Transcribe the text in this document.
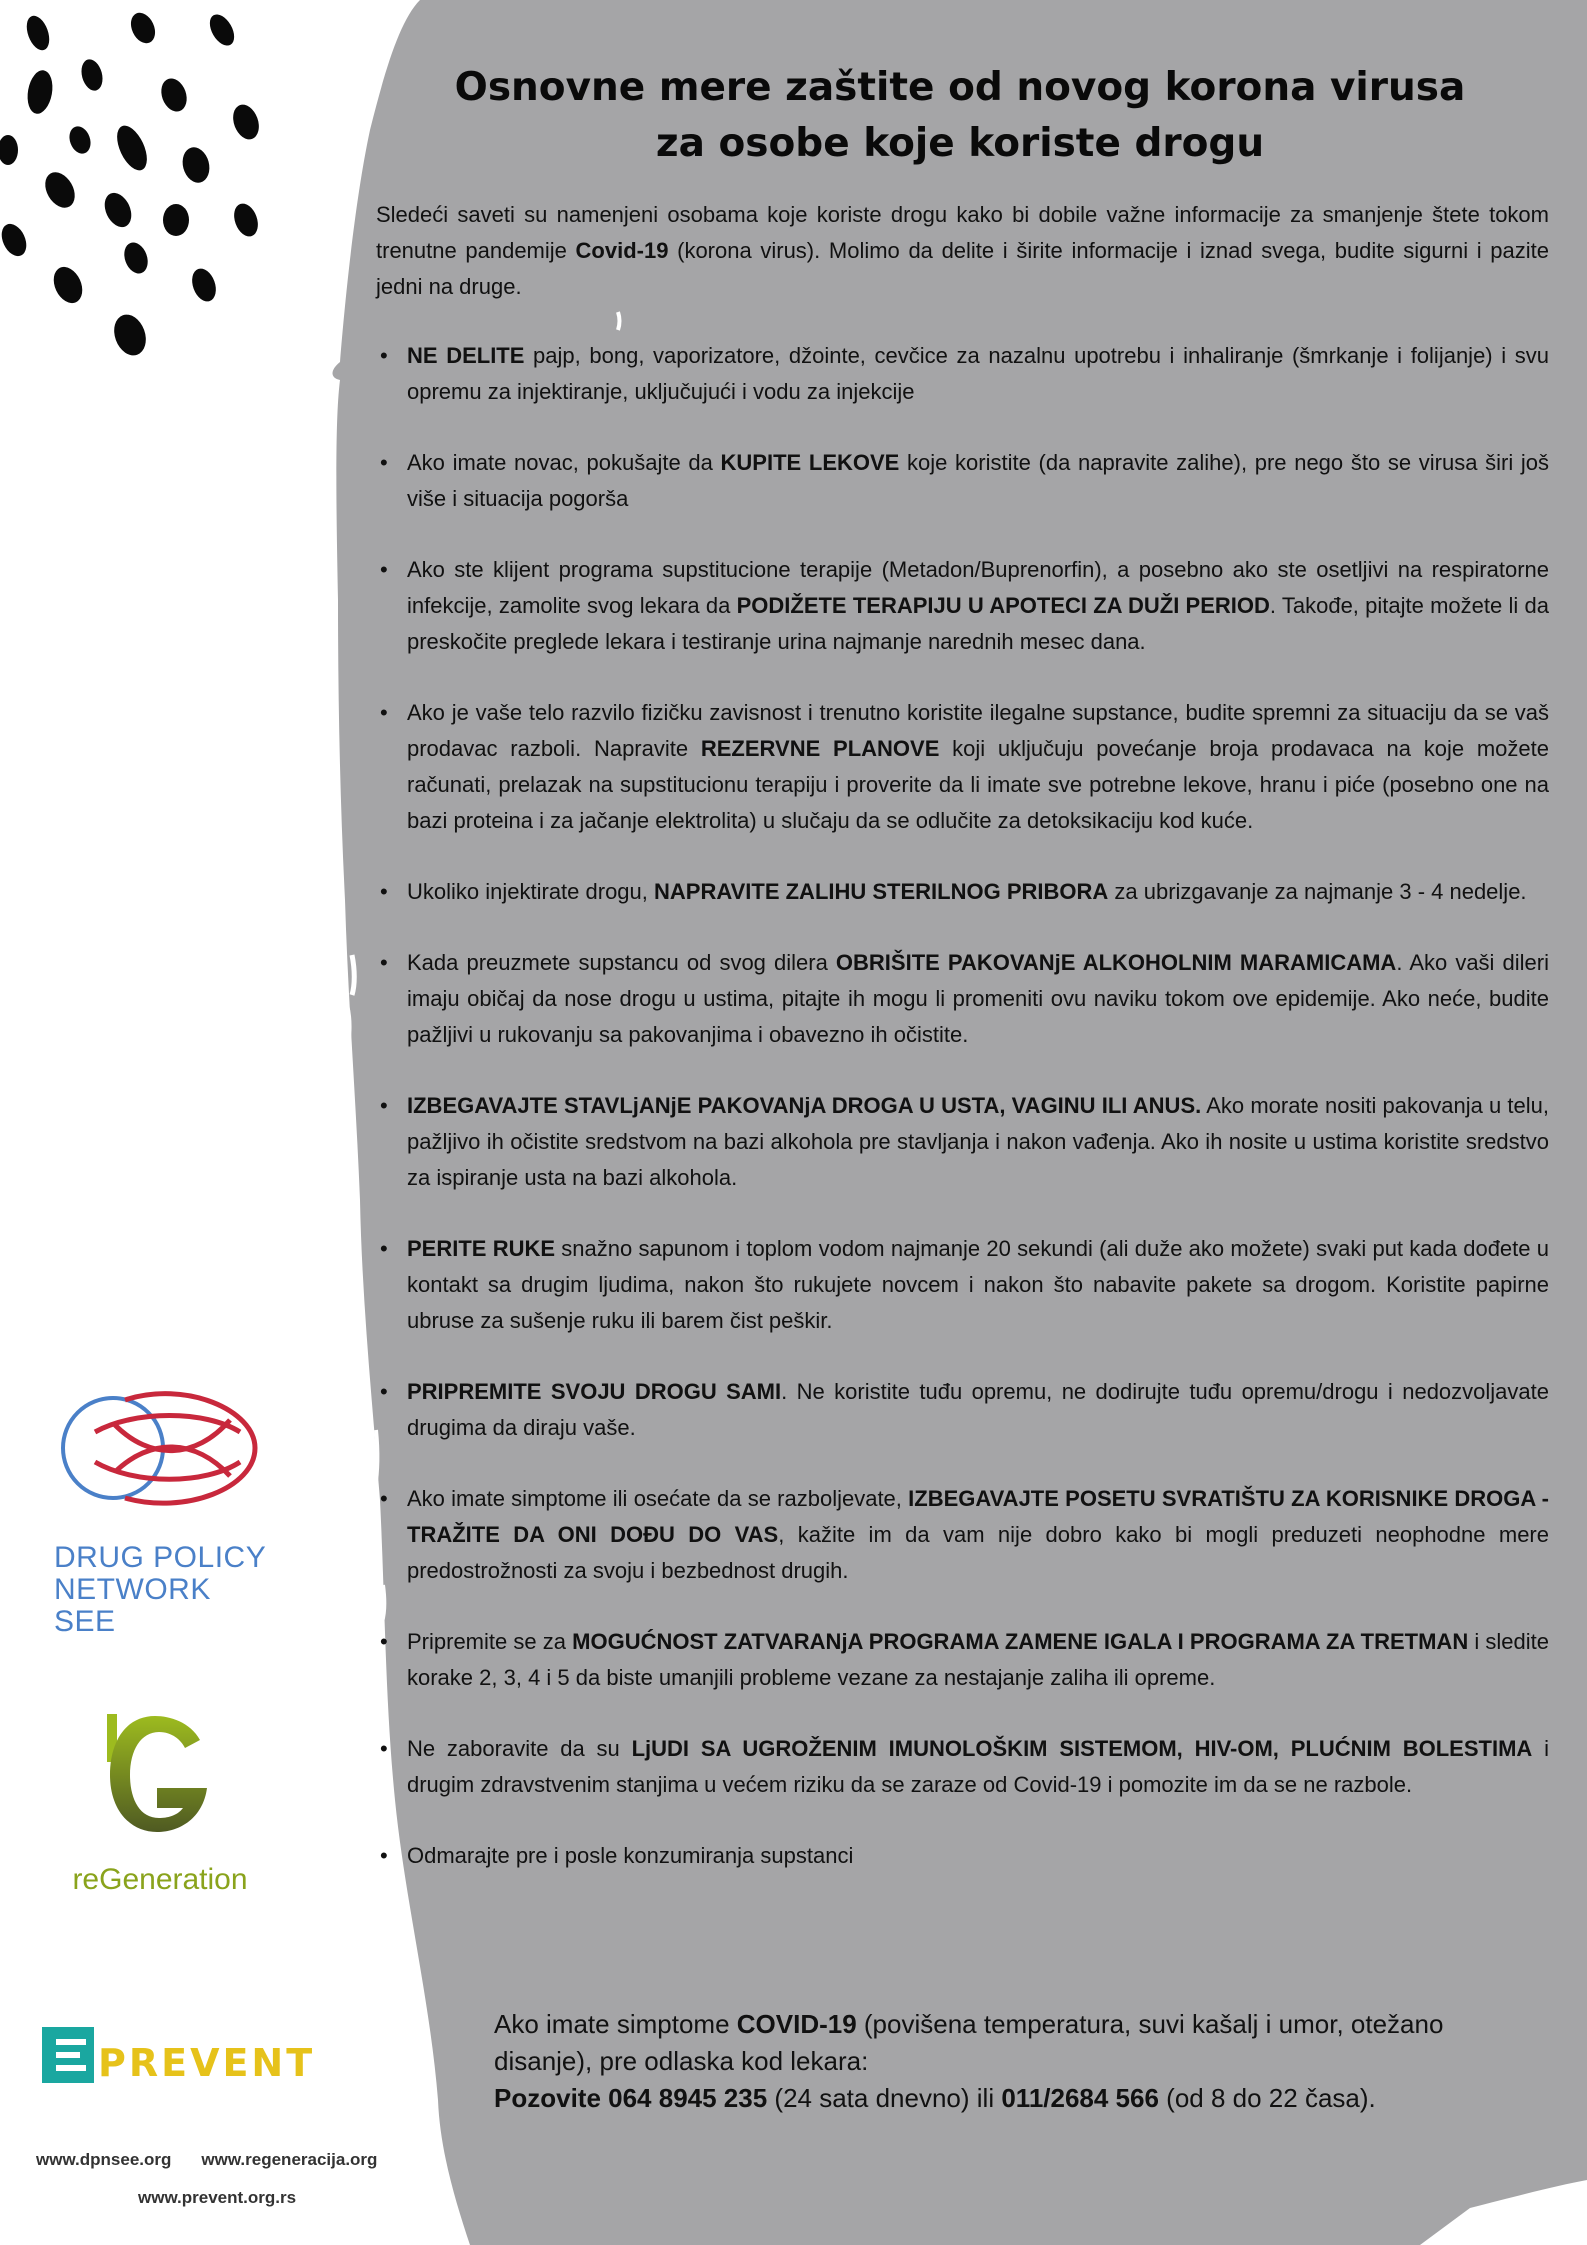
Osnovne mere zaštite od novog korona virusa
za osobe koje koriste drogu

Sledeći saveti su namenjeni osobama koje koriste drogu kako bi dobile važne informacije za smanjenje štete tokom trenutne pandemije Covid-19 (korona virus). Molimo da delite i širite informacije i iznad svega, budite sigurni i pazite jedni na druge.

• NE DELITE pajp, bong, vaporizatore, džointe, cevčice za nazalnu upotrebu i inhaliranje (šmrkanje i folijanje) i svu opremu za injektiranje, uključujući i vodu za injekcije
• Ako imate novac, pokušajte da KUPITE LEKOVE koje koristite (da napravite zalihe), pre nego što se virusa širi još više i situacija pogorša
• Ako ste klijent programa supstitucione terapije (Metadon/Buprenorfin), a posebno ako ste osetljivi na respiratorne infekcije, zamolite svog lekara da PODIŽETE TERAPIJU U APOTECI ZA DUŽI PERIOD. Takođe, pitajte možete li da preskočite preglede lekara i testiranje urina najmanje narednih mesec dana.
• Ako je vaše telo razvilo fizičku zavisnost i trenutno koristite ilegalne supstance, budite spremni za situaciju da se vaš prodavac razboli. Napravite REZERVNE PLANOVE koji uključuju povećanje broja prodavaca na koje možete računati, prelazak na supstitucionu terapiju i proverite da li imate sve potrebne lekove, hranu i piće (posebno one na bazi proteina i za jačanje elektrolita) u slučaju da se odlučite za detoksikaciju kod kuće.
• Ukoliko injektirate drogu, NAPRAVITE ZALIHU STERILNOG PRIBORA za ubrizgavanje za najmanje 3 - 4 nedelje.
• Kada preuzmete supstancu od svog dilera OBRIŠITE PAKOVANjE ALKOHOLNIM MARAMICAMA. Ako vaši dileri imaju običaj da nose drogu u ustima, pitajte ih mogu li promeniti ovu naviku tokom ove epidemije. Ako neće, budite pažljivi u rukovanju sa pakovanjima i obavezno ih očistite.
• IZBEGAVAJTE STAVLjANjE PAKOVANjA DROGA U USTA, VAGINU ILI ANUS. Ako morate nositi pakovanja u telu, pažljivo ih očistite sredstvom na bazi alkohola pre stavljanja i nakon vađenja. Ako ih nosite u ustima koristite sredstvo za ispiranje usta na bazi alkohola.
• PERITE RUKE snažno sapunom i toplom vodom najmanje 20 sekundi (ali duže ako možete) svaki put kada dođete u kontakt sa drugim ljudima, nakon što rukujete novcem i nakon što nabavite pakete sa drogom. Koristite papirne ubruse za sušenje ruku ili barem čist peškir.
• PRIPREMITE SVOJU DROGU SAMI. Ne koristite tuđu opremu, ne dodirujte tuđu opremu/drogu i nedozvoljavate drugima da diraju vaše.
• Ako imate simptome ili osećate da se razboljevate, IZBEGAVAJTE POSETU SVRATIŠTU ZA KORISNIKE DROGA - TRAŽITE DA ONI DOĐU DO VAS, kažite im da vam nije dobro kako bi mogli preduzeti neophodne mere predostrožnosti za svoju i bezbednost drugih.
• Pripremite se za MOGUĆNOST ZATVARANjA PROGRAMA ZAMENE IGALA I PROGRAMA ZA TRETMAN i sledite korake 2, 3, 4 i 5 da biste umanjili probleme vezane za nestajanje zaliha ili opreme.
• Ne zaboravite da su LjUDI SA UGROŽENIM IMUNOLOŠKIM SISTEMOM, HIV-OM, PLUĆNIM BOLESTIMA i drugim zdravstvenim stanjima u većem riziku da se zaraze od Covid-19 i pomozite im da se ne razbole.
• Odmarajte pre i posle konzumiranja supstanci

Ako imate simptome COVID-19 (povišena temperatura, suvi kašalj i umor, otežano disanje), pre odlaska kod lekara:
Pozovite 064 8945 235 (24 sata dnevno) ili 011/2684 566 (od 8 do 22 časa).

DRUG POLICY
NETWORK SEE
reGeneration
PREVENT
www.dpnsee.org www.regeneracija.org
www.prevent.org.rs
